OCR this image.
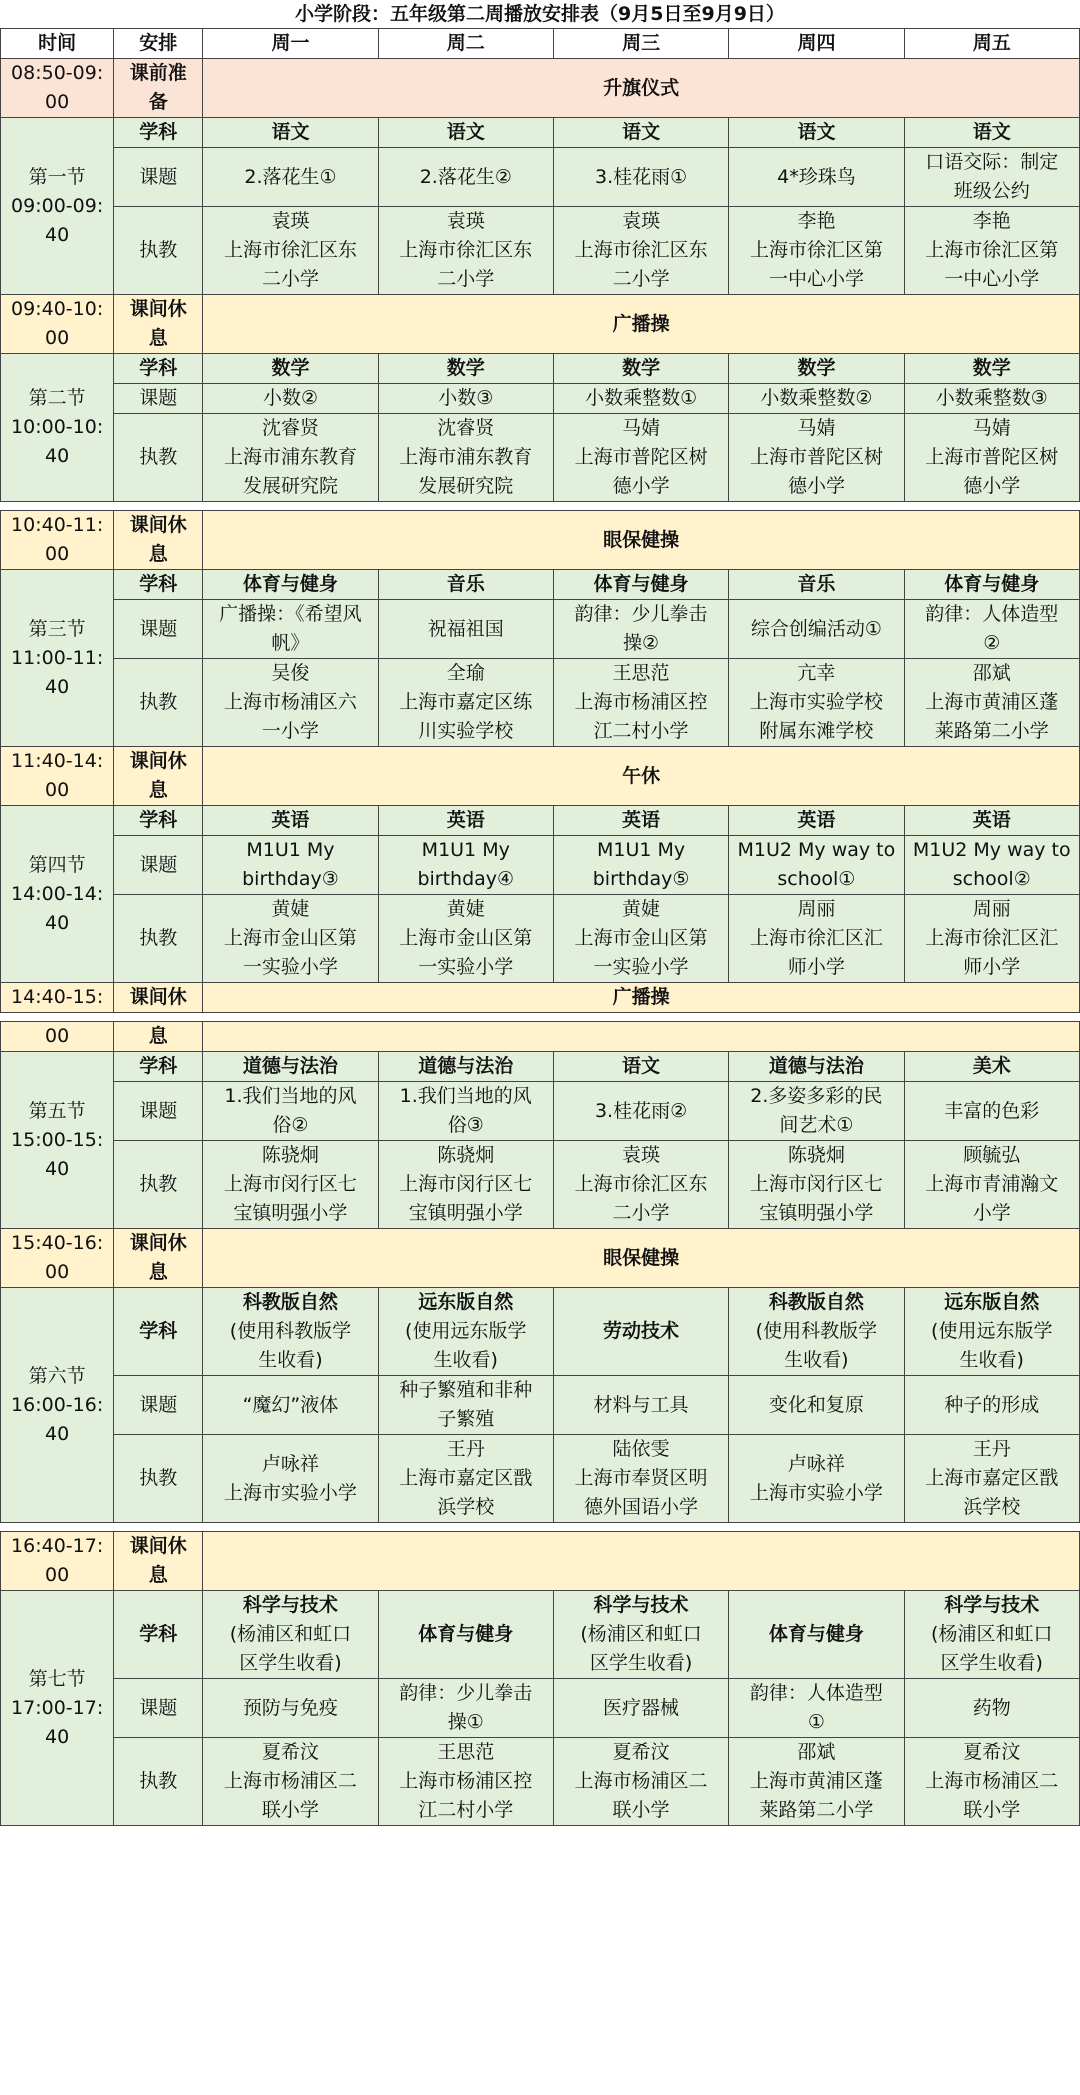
小学阶段：五年级第二周播放安排表（9月5日至9月9日）
时间	安排	周一	周二	周三	周四	周五

08:50-09:
00	课前准
备	升旗仪式				

第一节
09:00-09:
40	学科	语文	语文	语文	语文	语文

	课题	2.落花生①	2.落花生②	3.桂花雨①	4*珍珠鸟	口语交际：制定
班级公约

	执教	袁瑛
上海市徐汇区东
二小学	袁瑛
上海市徐汇区东
二小学	袁瑛
上海市徐汇区东
二小学	李艳
上海市徐汇区第
一中心小学	李艳
上海市徐汇区第
一中心小学

09:40-10:
00	课间休
息	广播操				

第二节
10:00-10:
40	学科	数学	数学	数学	数学	数学

	课题	小数②	小数③	小数乘整数①	小数乘整数②	小数乘整数③

	执教	沈睿贤
上海市浦东教育
发展研究院	沈睿贤
上海市浦东教育
发展研究院	马婧
上海市普陀区树
德小学	马婧
上海市普陀区树
德小学	马婧
上海市普陀区树
德小学
10:40-11:
00	课间休
息	眼保健操				

第三节
11:00-11:
40	学科	体育与健身	音乐	体育与健身	音乐	体育与健身

	课题	广播操：《希望风
帆》	祝福祖国	韵律：少儿拳击
操②	综合创编活动①	韵律：人体造型
②

	执教	吴俊
上海市杨浦区六
一小学	全瑜
上海市嘉定区练
川实验学校	王思范
上海市杨浦区控
江二村小学	亢幸
上海市实验学校
附属东滩学校	邵斌
上海市黄浦区蓬
莱路第二小学

11:40-14:
00	课间休
息	午休				

第四节
14:00-14:
40	学科	英语	英语	英语	英语	英语

	课题	M1U1 My
birthday③	M1U1 My
birthday④	M1U1 My
birthday⑤	M1U2 My way to
school①	M1U2 My way to
school②

	执教	黄婕
上海市金山区第
一实验小学	黄婕
上海市金山区第
一实验小学	黄婕
上海市金山区第
一实验小学	周丽
上海市徐汇区汇
师小学	周丽
上海市徐汇区汇
师小学

14:40-15:	课间休	广播操				
00	息					

第五节
15:00-15:
40	学科	道德与法治	道德与法治	语文	道德与法治	美术

	课题	1.我们当地的风
俗②	1.我们当地的风
俗③	3.桂花雨②	2.多姿多彩的民
间艺术①	丰富的色彩

	执教	陈骁炯
上海市闵行区七
宝镇明强小学	陈骁炯
上海市闵行区七
宝镇明强小学	袁瑛
上海市徐汇区东
二小学	陈骁炯
上海市闵行区七
宝镇明强小学	顾毓弘
上海市青浦瀚文
小学

15:40-16:
00	课间休
息	眼保健操				

第六节
16:00-16:
40	学科	科教版自然
(使用科教版学
生收看)	远东版自然
(使用远东版学
生收看)	劳动技术	科教版自然
(使用科教版学
生收看)	远东版自然
(使用远东版学
生收看)

	课题	“魔幻”液体	种子繁殖和非种
子繁殖	材料与工具	变化和复原	种子的形成

	执教	卢咏祥
上海市实验小学	王丹
上海市嘉定区戬
浜学校	陆依雯
上海市奉贤区明
德外国语小学	卢咏祥
上海市实验小学	王丹
上海市嘉定区戬
浜学校
16:40-17:
00	课间休
息					

第七节
17:00-17:
40	学科	科学与技术
(杨浦区和虹口
区学生收看)	体育与健身	科学与技术
(杨浦区和虹口
区学生收看)	体育与健身	科学与技术
(杨浦区和虹口
区学生收看)

	课题	预防与免疫	韵律：少儿拳击
操①	医疗器械	韵律：人体造型
①	药物

	执教	夏希汶
上海市杨浦区二
联小学	王思范
上海市杨浦区控
江二村小学	夏希汶
上海市杨浦区二
联小学	邵斌
上海市黄浦区蓬
莱路第二小学	夏希汶
上海市杨浦区二
联小学
